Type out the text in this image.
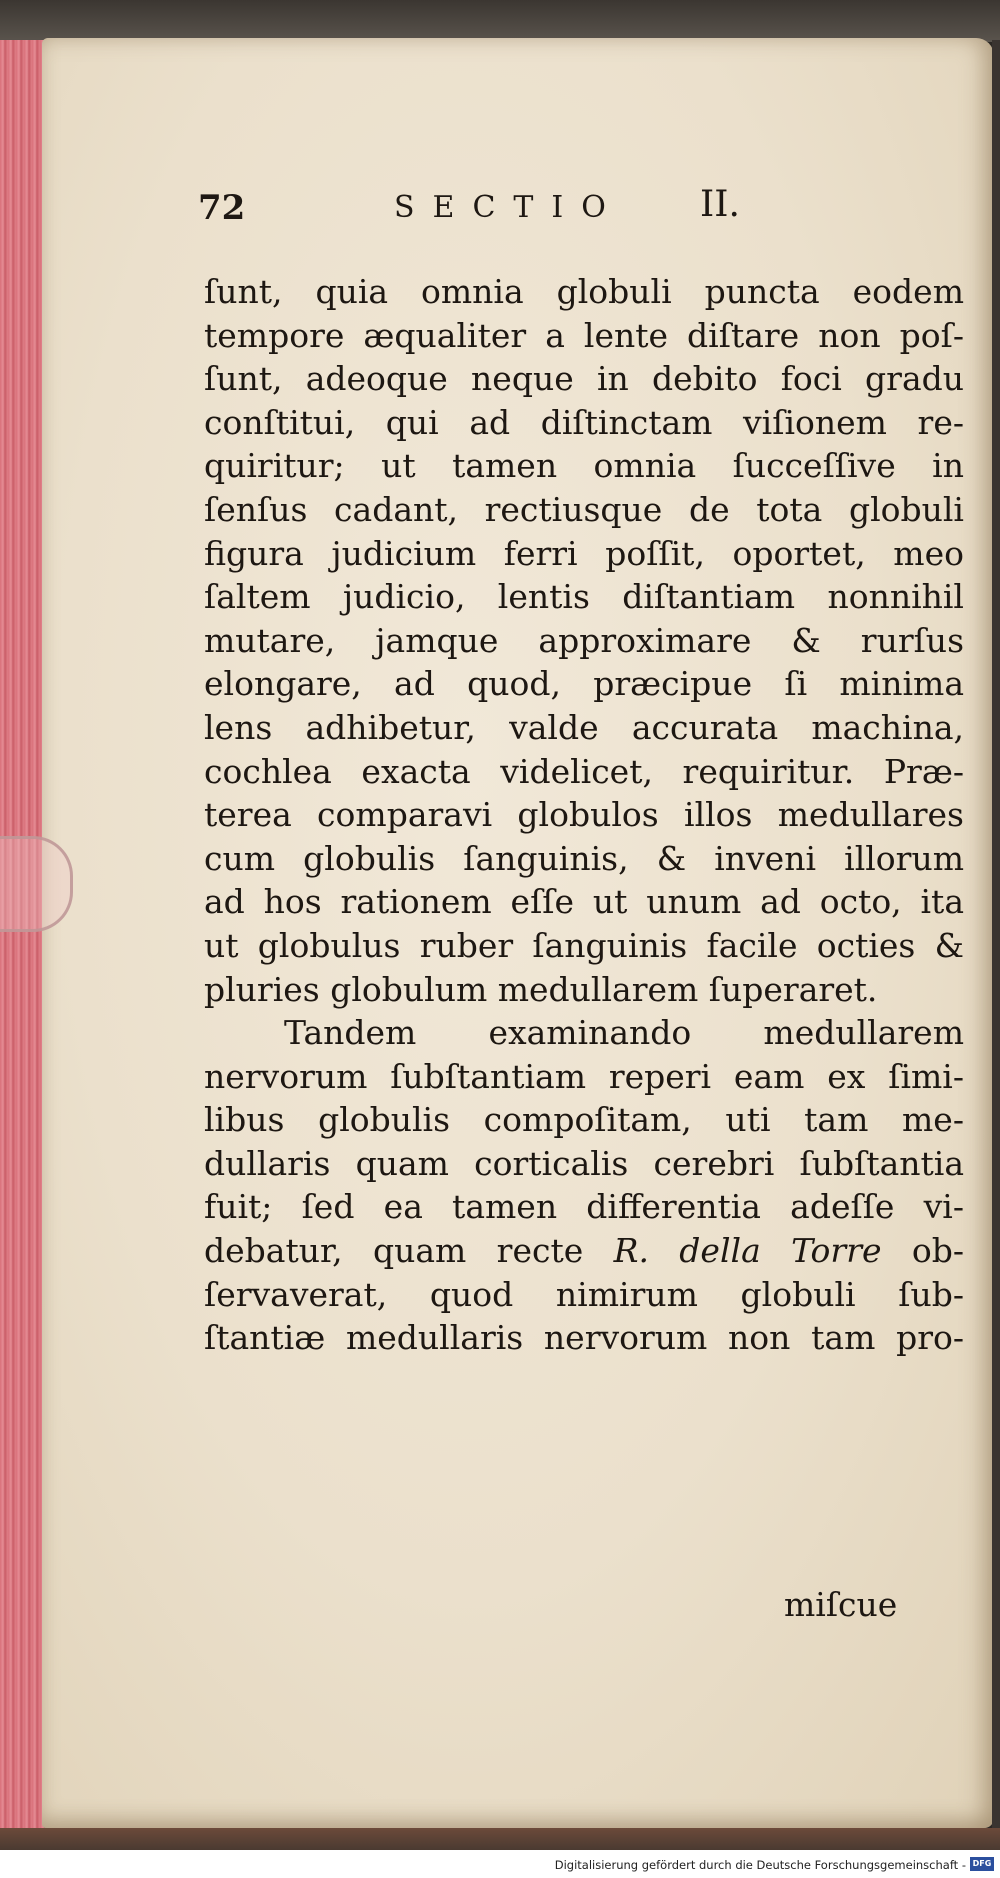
72	SECTIO II.
ſunt, quia omnia globuli puncta eodem
tempore æqualiter a lente diſtare non poſ-
ſunt, adeoque neque in debito foci gradu
conſtitui, qui ad diſtinctam viſionem re-
quiritur; ut tamen omnia ſucceſſive in
ſenſus cadant, rectiusque de tota globuli
figura judicium ferri poſſit, oportet, meo
ſaltem judicio, lentis diſtantiam nonnihil
mutare, jamque approximare & rurſus
elongare, ad quod, præcipue ſi minima
lens adhibetur, valde accurata machina,
cochlea exacta videlicet, requiritur. Præ-
terea comparavi globulos illos medullares
cum globulis ſanguinis, & inveni illorum
ad hos rationem eſſe ut unum ad octo, ita
ut globulus ruber ſanguinis facile octies &
pluries globulum medullarem ſuperaret.
Tandem examinando medullarem
nervorum ſubſtantiam reperi eam ex ſimi-
libus globulis compoſitam, uti tam me-
dullaris quam corticalis cerebri ſubſtantia
fuit; ſed ea tamen differentia adeſſe vi-
debatur, quam recte R. della Torre ob-
ſervaverat, quod nimirum globuli ſub-
ſtantiæ medullaris nervorum non tam pro-
miſcue
Digitalisierung gefördert durch die Deutsche Forschungsgemeinschaft - DFG
